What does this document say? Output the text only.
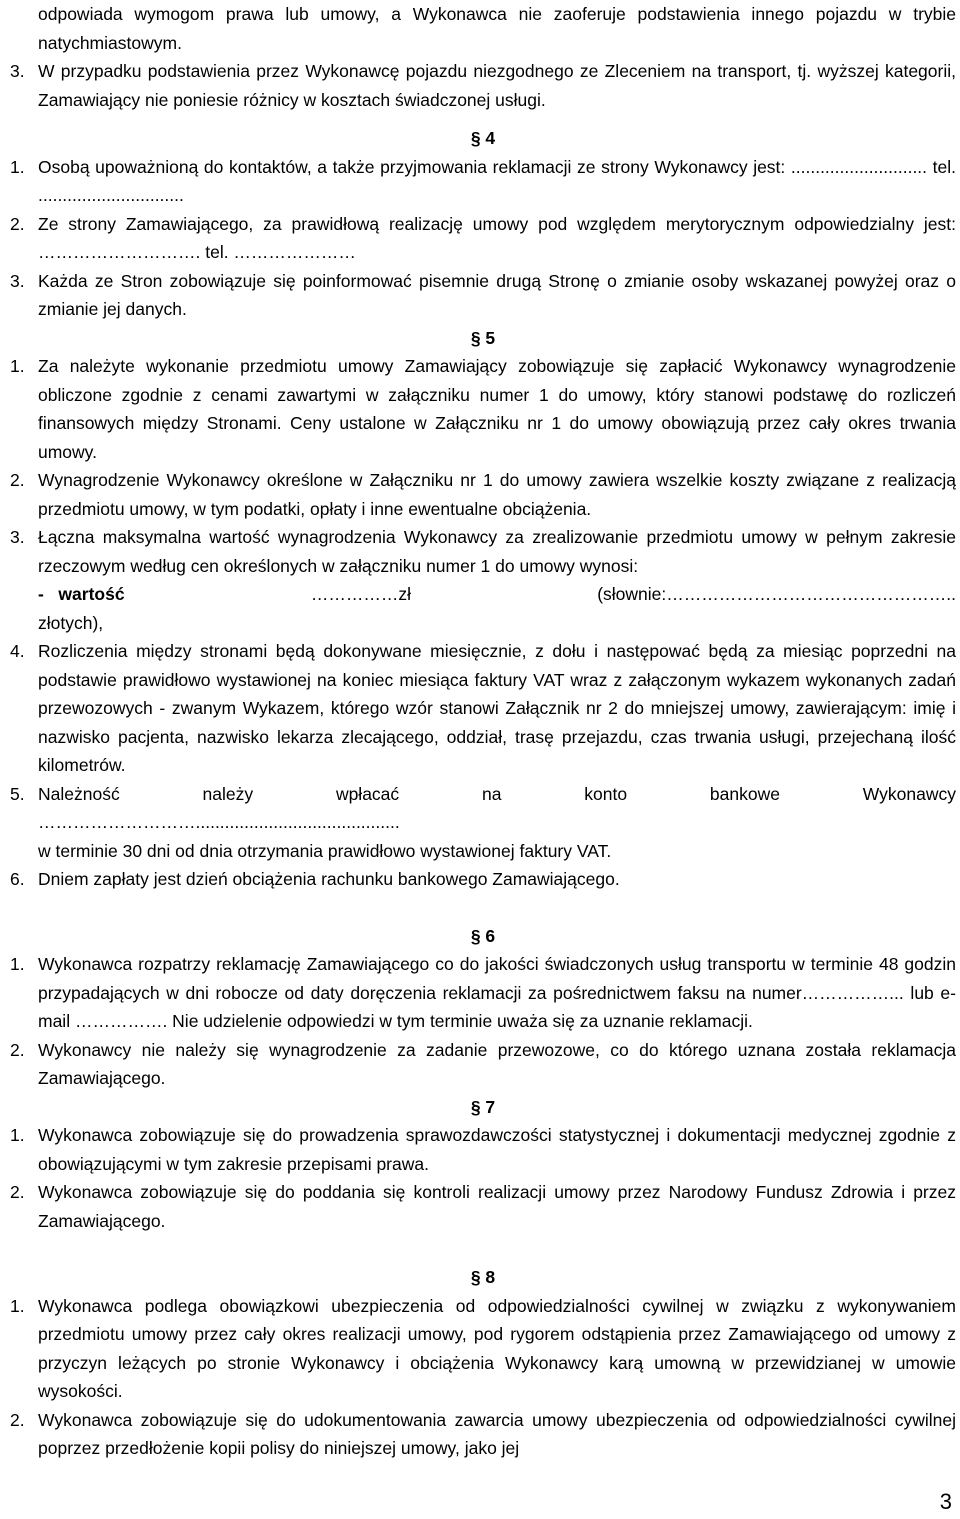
odpowiada wymogom prawa lub umowy, a Wykonawca nie zaoferuje podstawienia innego pojazdu w trybie natychmiastowym.
3. W przypadku podstawienia przez Wykonawcę pojazdu niezgodnego ze Zleceniem na transport, tj. wyższej kategorii, Zamawiający nie poniesie różnicy w kosztach świadczonej usługi.
§ 4
1. Osobą upoważnioną do kontaktów, a także przyjmowania reklamacji ze strony Wykonawcy jest: ............................ tel. ..............................
2. Ze strony Zamawiającego, za prawidłową realizację umowy pod względem merytorycznym odpowiedzialny jest: ………………………. tel. …………………
3. Każda ze Stron zobowiązuje się poinformować pisemnie drugą Stronę o zmianie osoby wskazanej powyżej oraz o zmianie jej danych.
§ 5
1. Za należyte wykonanie przedmiotu umowy Zamawiający zobowiązuje się zapłacić Wykonawcy wynagrodzenie obliczone zgodnie z cenami zawartymi w załączniku numer 1 do umowy, który stanowi podstawę do rozliczeń finansowych między Stronami. Ceny ustalone w Załączniku nr 1 do umowy obowiązują przez cały okres trwania umowy.
2. Wynagrodzenie Wykonawcy określone w Załączniku nr 1 do umowy zawiera wszelkie koszty związane z realizacją przedmiotu umowy, w tym podatki, opłaty i inne ewentualne obciążenia.
3. Łączna maksymalna wartość wynagrodzenia Wykonawcy za zrealizowanie przedmiotu umowy w pełnym zakresie rzeczowym według cen określonych w załączniku numer 1 do umowy wynosi:
- wartość	……………zł	(słownie:…………………………………………..
złotych),
4. Rozliczenia między stronami będą dokonywane miesięcznie, z dołu i następować będą za miesiąc poprzedni na podstawie prawidłowo wystawionej na koniec miesiąca faktury VAT wraz z załączonym wykazem wykonanych zadań przewozowych - zwanym Wykazem, którego wzór stanowi Załącznik nr 2 do mniejszej umowy, zawierającym: imię i nazwisko pacjenta, nazwisko lekarza zlecającego, oddział, trasę przejazdu, czas trwania usługi, przejechaną ilość kilometrów.
5. Należność	należy	wpłacać	na	konto	bankowe	Wykonawcy
………………………..........................................
w terminie 30 dni od dnia otrzymania prawidłowo wystawionej faktury VAT.
6. Dniem zapłaty jest dzień obciążenia rachunku bankowego Zamawiającego.
§ 6
1. Wykonawca rozpatrzy reklamację Zamawiającego co do jakości świadczonych usług transportu w terminie 48 godzin przypadających w dni robocze od daty doręczenia reklamacji za pośrednictwem faksu na numer……………... lub e-mail ……………. Nie udzielenie odpowiedzi w tym terminie uważa się za uznanie reklamacji.
2. Wykonawcy nie należy się wynagrodzenie za zadanie przewozowe, co do którego uznana została reklamacja Zamawiającego.
§ 7
1. Wykonawca zobowiązuje się do prowadzenia sprawozdawczości statystycznej i dokumentacji medycznej zgodnie z obowiązującymi w tym zakresie przepisami prawa.
2. Wykonawca zobowiązuje się do poddania się kontroli realizacji umowy przez Narodowy Fundusz Zdrowia i przez Zamawiającego.
§ 8
1. Wykonawca podlega obowiązkowi ubezpieczenia od odpowiedzialności cywilnej w związku z wykonywaniem przedmiotu umowy przez cały okres realizacji umowy, pod rygorem odstąpienia przez Zamawiającego od umowy z przyczyn leżących po stronie Wykonawcy i obciążenia Wykonawcy karą umowną w przewidzianej w umowie wysokości.
2. Wykonawca zobowiązuje się do udokumentowania zawarcia umowy ubezpieczenia od odpowiedzialności cywilnej poprzez przedłożenie kopii polisy do niniejszej umowy, jako jej
3
